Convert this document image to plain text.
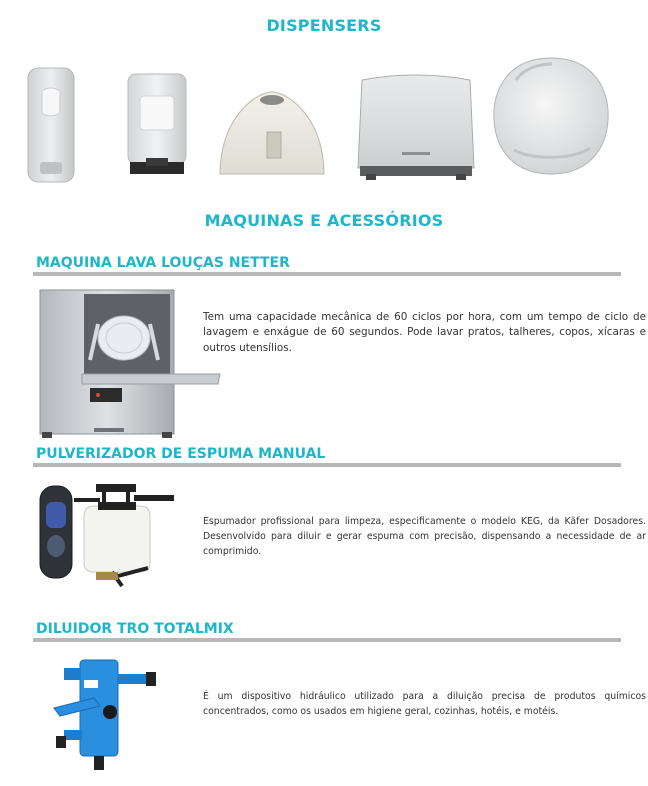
DISPENSERS
MAQUINAS E ACESSÓRIOS
MAQUINA LAVA LOUÇAS NETTER
Tem uma capacidade mecânica de 60 ciclos por hora, com um tempo de ciclo de lavagem e enxágue de 60 segundos. Pode lavar pratos, talheres, copos, xícaras e outros utensílios.
PULVERIZADOR DE ESPUMA MANUAL
Espumador profissional para limpeza, especificamente o modelo KEG, da Käfer Dosadores. Desenvolvido para diluir e gerar espuma com precisão, dispensando a necessidade de ar comprimido.
DILUIDOR TRO TOTALMIX
É um dispositivo hidráulico utilizado para a diluição precisa de produtos químicos concentrados, como os usados em higiene geral, cozinhas, hotéis, e motéis.
